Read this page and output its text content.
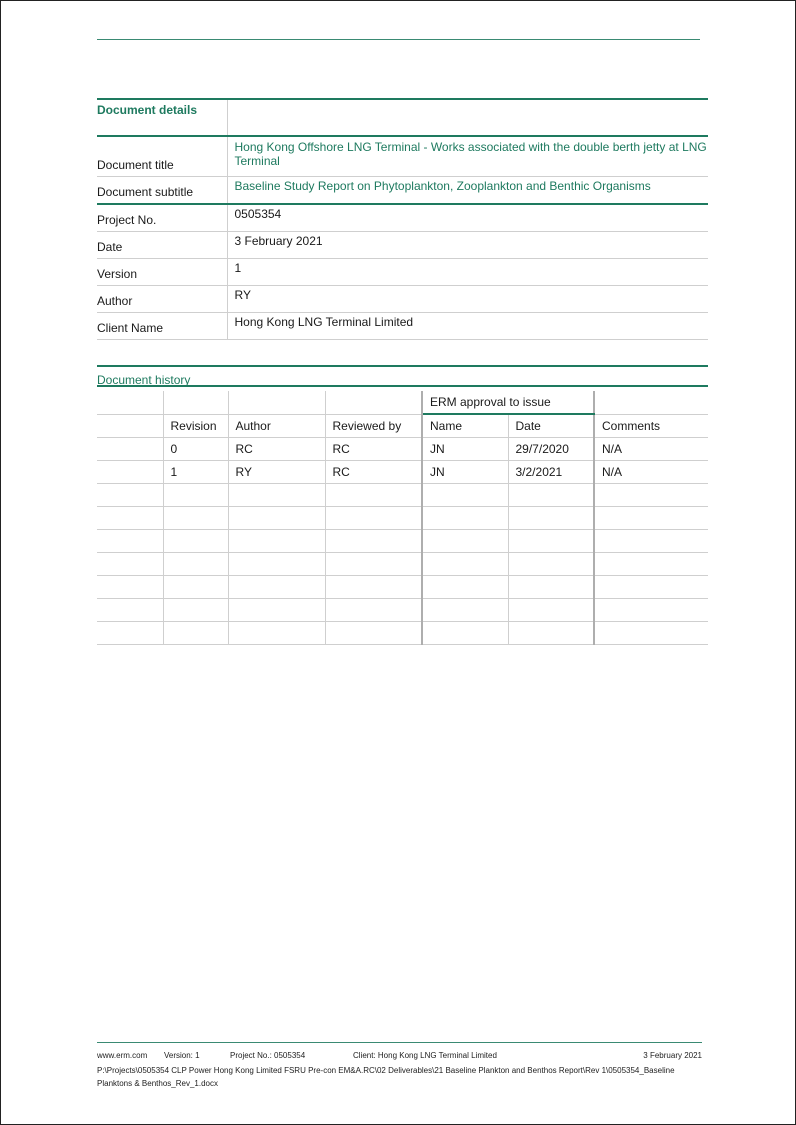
Document details	
Document title	Hong Kong Offshore LNG Terminal - Works associated with the double berth jetty at LNG Terminal
Document subtitle	Baseline Study Report on Phytoplankton, Zooplankton and Benthic Organisms
Project No.	0505354
Date	3 February 2021
Version	1
Author	RY
Client Name	Hong Kong LNG Terminal Limited
Document history
				ERM approval to issue		
	Revision	Author	Reviewed by	Name	Date	Comments
	0	RC	RC	JN	29/7/2020	N/A
	1	RY	RC	JN	3/2/2021	N/A

www.erm.com Version: 1	Project No.: 0505354	Client: Hong Kong LNG Terminal Limited	3 February 2021
P:\Projects\0505354 CLP Power Hong Kong Limited FSRU Pre-con EM&A.RC\02 Deliverables\21 Baseline Plankton and Benthos Report\Rev 1\0505354_Baseline Planktons & Benthos_Rev_1.docx
